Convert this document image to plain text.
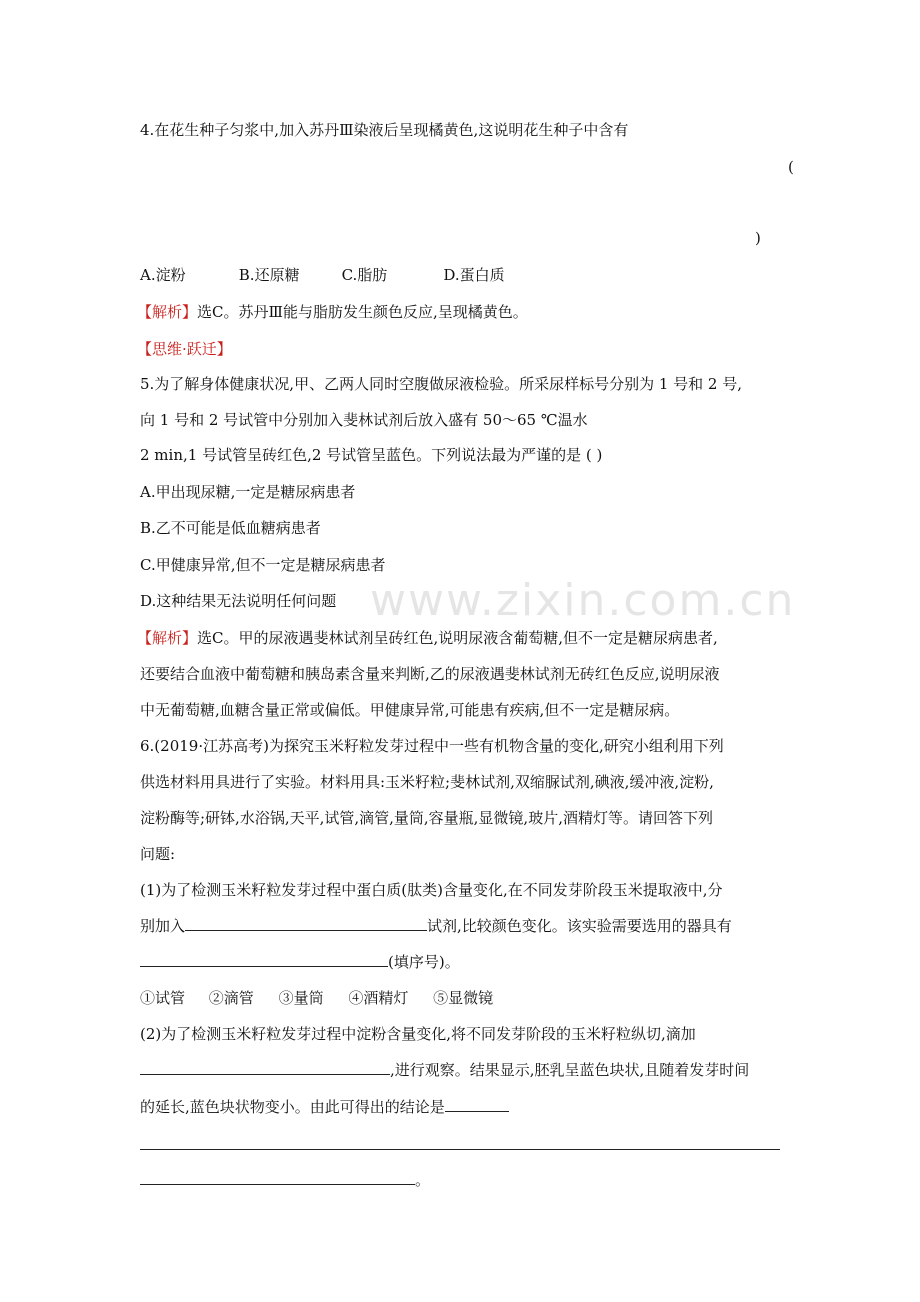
4.在花生种子匀浆中,加入苏丹Ⅲ染液后呈现橘黄色,这说明花生种子中含有
(
)
A.淀粉	B.还原糖	C.脂肪	D.蛋白质
【解析】选C。苏丹Ⅲ能与脂肪发生颜色反应,呈现橘黄色。
【思维·跃迁】
5.为了解身体健康状况,甲、乙两人同时空腹做尿液检验。所采尿样标号分别为 1 号和 2 号,
向 1 号和 2 号试管中分别加入斐林试剂后放入盛有 50～65 ℃温水
2 min,1 号试管呈砖红色,2 号试管呈蓝色。下列说法最为严谨的是 ( )
A.甲出现尿糖,一定是糖尿病患者
B.乙不可能是低血糖病患者
C.甲健康异常,但不一定是糖尿病患者
D.这种结果无法说明任何问题
【解析】选C。甲的尿液遇斐林试剂呈砖红色,说明尿液含葡萄糖,但不一定是糖尿病患者,
还要结合血液中葡萄糖和胰岛素含量来判断,乙的尿液遇斐林试剂无砖红色反应,说明尿液
中无葡萄糖,血糖含量正常或偏低。甲健康异常,可能患有疾病,但不一定是糖尿病。
6.(2019·江苏高考)为探究玉米籽粒发芽过程中一些有机物含量的变化,研究小组利用下列
供选材料用具进行了实验。材料用具:玉米籽粒;斐林试剂,双缩脲试剂,碘液,缓冲液,淀粉,
淀粉酶等;研钵,水浴锅,天平,试管,滴管,量筒,容量瓶,显微镜,玻片,酒精灯等。请回答下列
问题:
(1)为了检测玉米籽粒发芽过程中蛋白质(肽类)含量变化,在不同发芽阶段玉米提取液中,分
别加入	试剂,比较颜色变化。该实验需要选用的器具有
(填序号)。
①试管 ②滴管 ③量筒 ④酒精灯 ⑤显微镜
(2)为了检测玉米籽粒发芽过程中淀粉含量变化,将不同发芽阶段的玉米籽粒纵切,滴加
,进行观察。结果显示,胚乳呈蓝色块状,且随着发芽时间
的延长,蓝色块状物变小。由此可得出的结论是
。
www.zixin.com.cn
